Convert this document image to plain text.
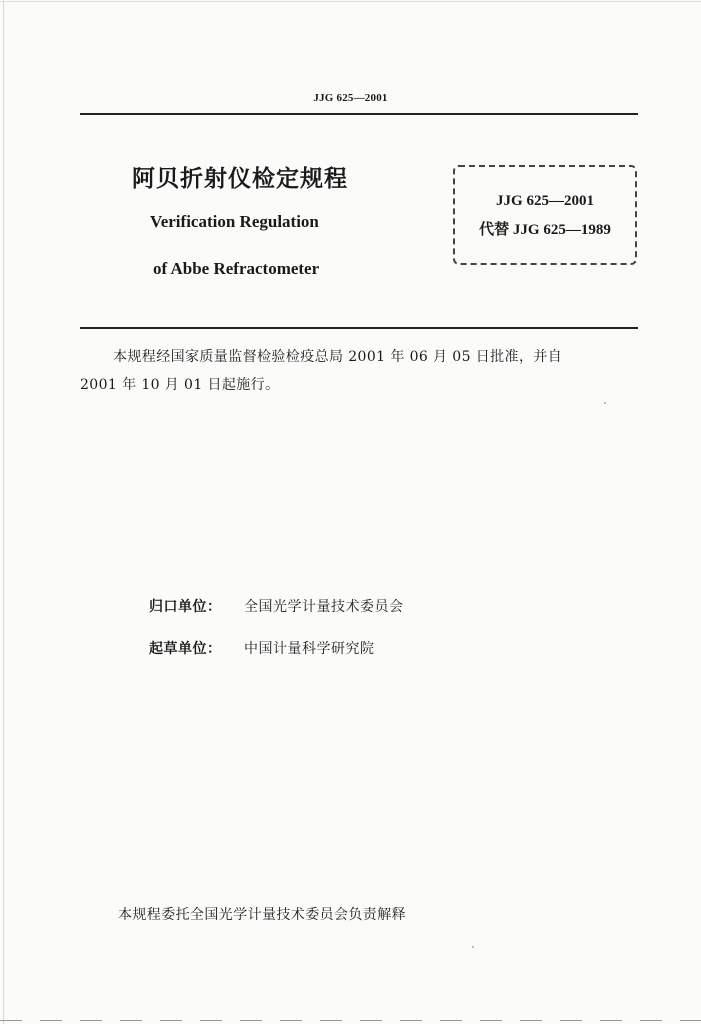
JJG 625—2001
阿贝折射仪检定规程
Verification Regulation
of Abbe Refractometer
JJG 625—2001
代替 JJG 625—1989
本规程经国家质量监督检验检疫总局 2001 年 06 月 05 日批准，并自
2001 年 10 月 01 日起施行。
归口单位： 全国光学计量技术委员会
起草单位： 中国计量科学研究院
本规程委托全国光学计量技术委员会负责解释
